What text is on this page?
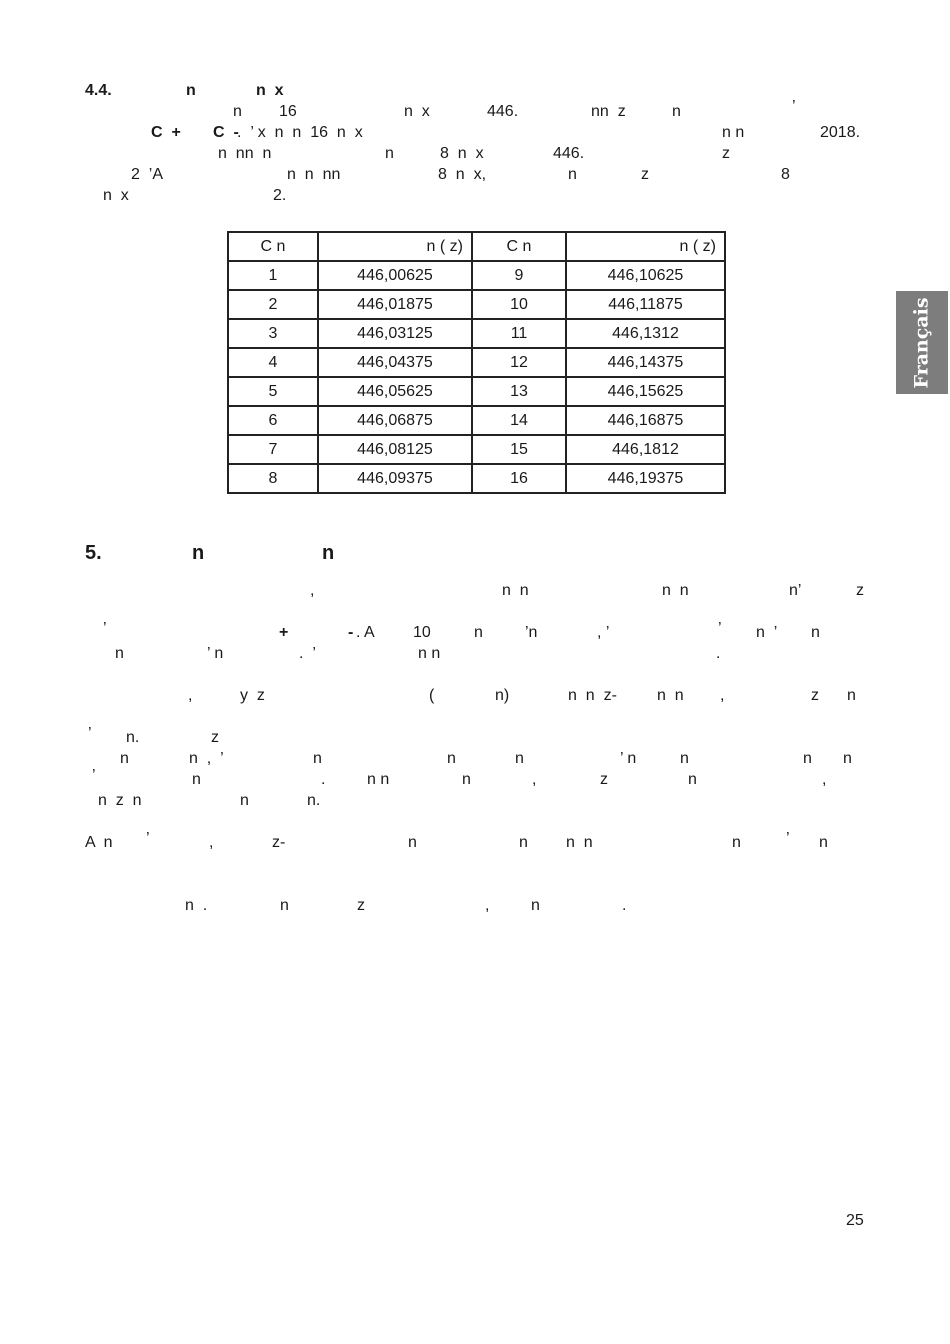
4.4.	n	n  x
n 16	n  x	446.	nn  z	n	’
C  + C  -
.  ’ x  n  n  16  n  x	n n	2018.
n  nn  n	n	8  n  x	446.	z
2  ’A	n  n  nn	8  n  x,	n	z	8
n  x	2.
C n	n ( z)	C n	n ( z)
1	446,00625	9	446,10625
2	446,01875	10	446,11875
3	446,03125	11	446,1312
4	446,04375	12	446,14375
5	446,05625	13	446,15625
6	446,06875	14	446,16875
7	446,08125	15	446,1812
8	446,09375	16	446,19375
5.	n	n
,	n  n	n  n	n’	z
’	+	- . A 10	n	’n	, ’	’ n  ’ n
n	’ n	.  ’	n n	.
,	y  z	(	n)	n  n  z-	n  n ,	z n
’ n.	z
n	n  ,  ’	n	n	n	’ n	n	n n
’	n	.	n n	n	,	z	n	,
n  z  n	n	n.
A  n ’	,	z-	n	n n  n	n	’ n
n  .	n	z	,	n	.
Français
25
